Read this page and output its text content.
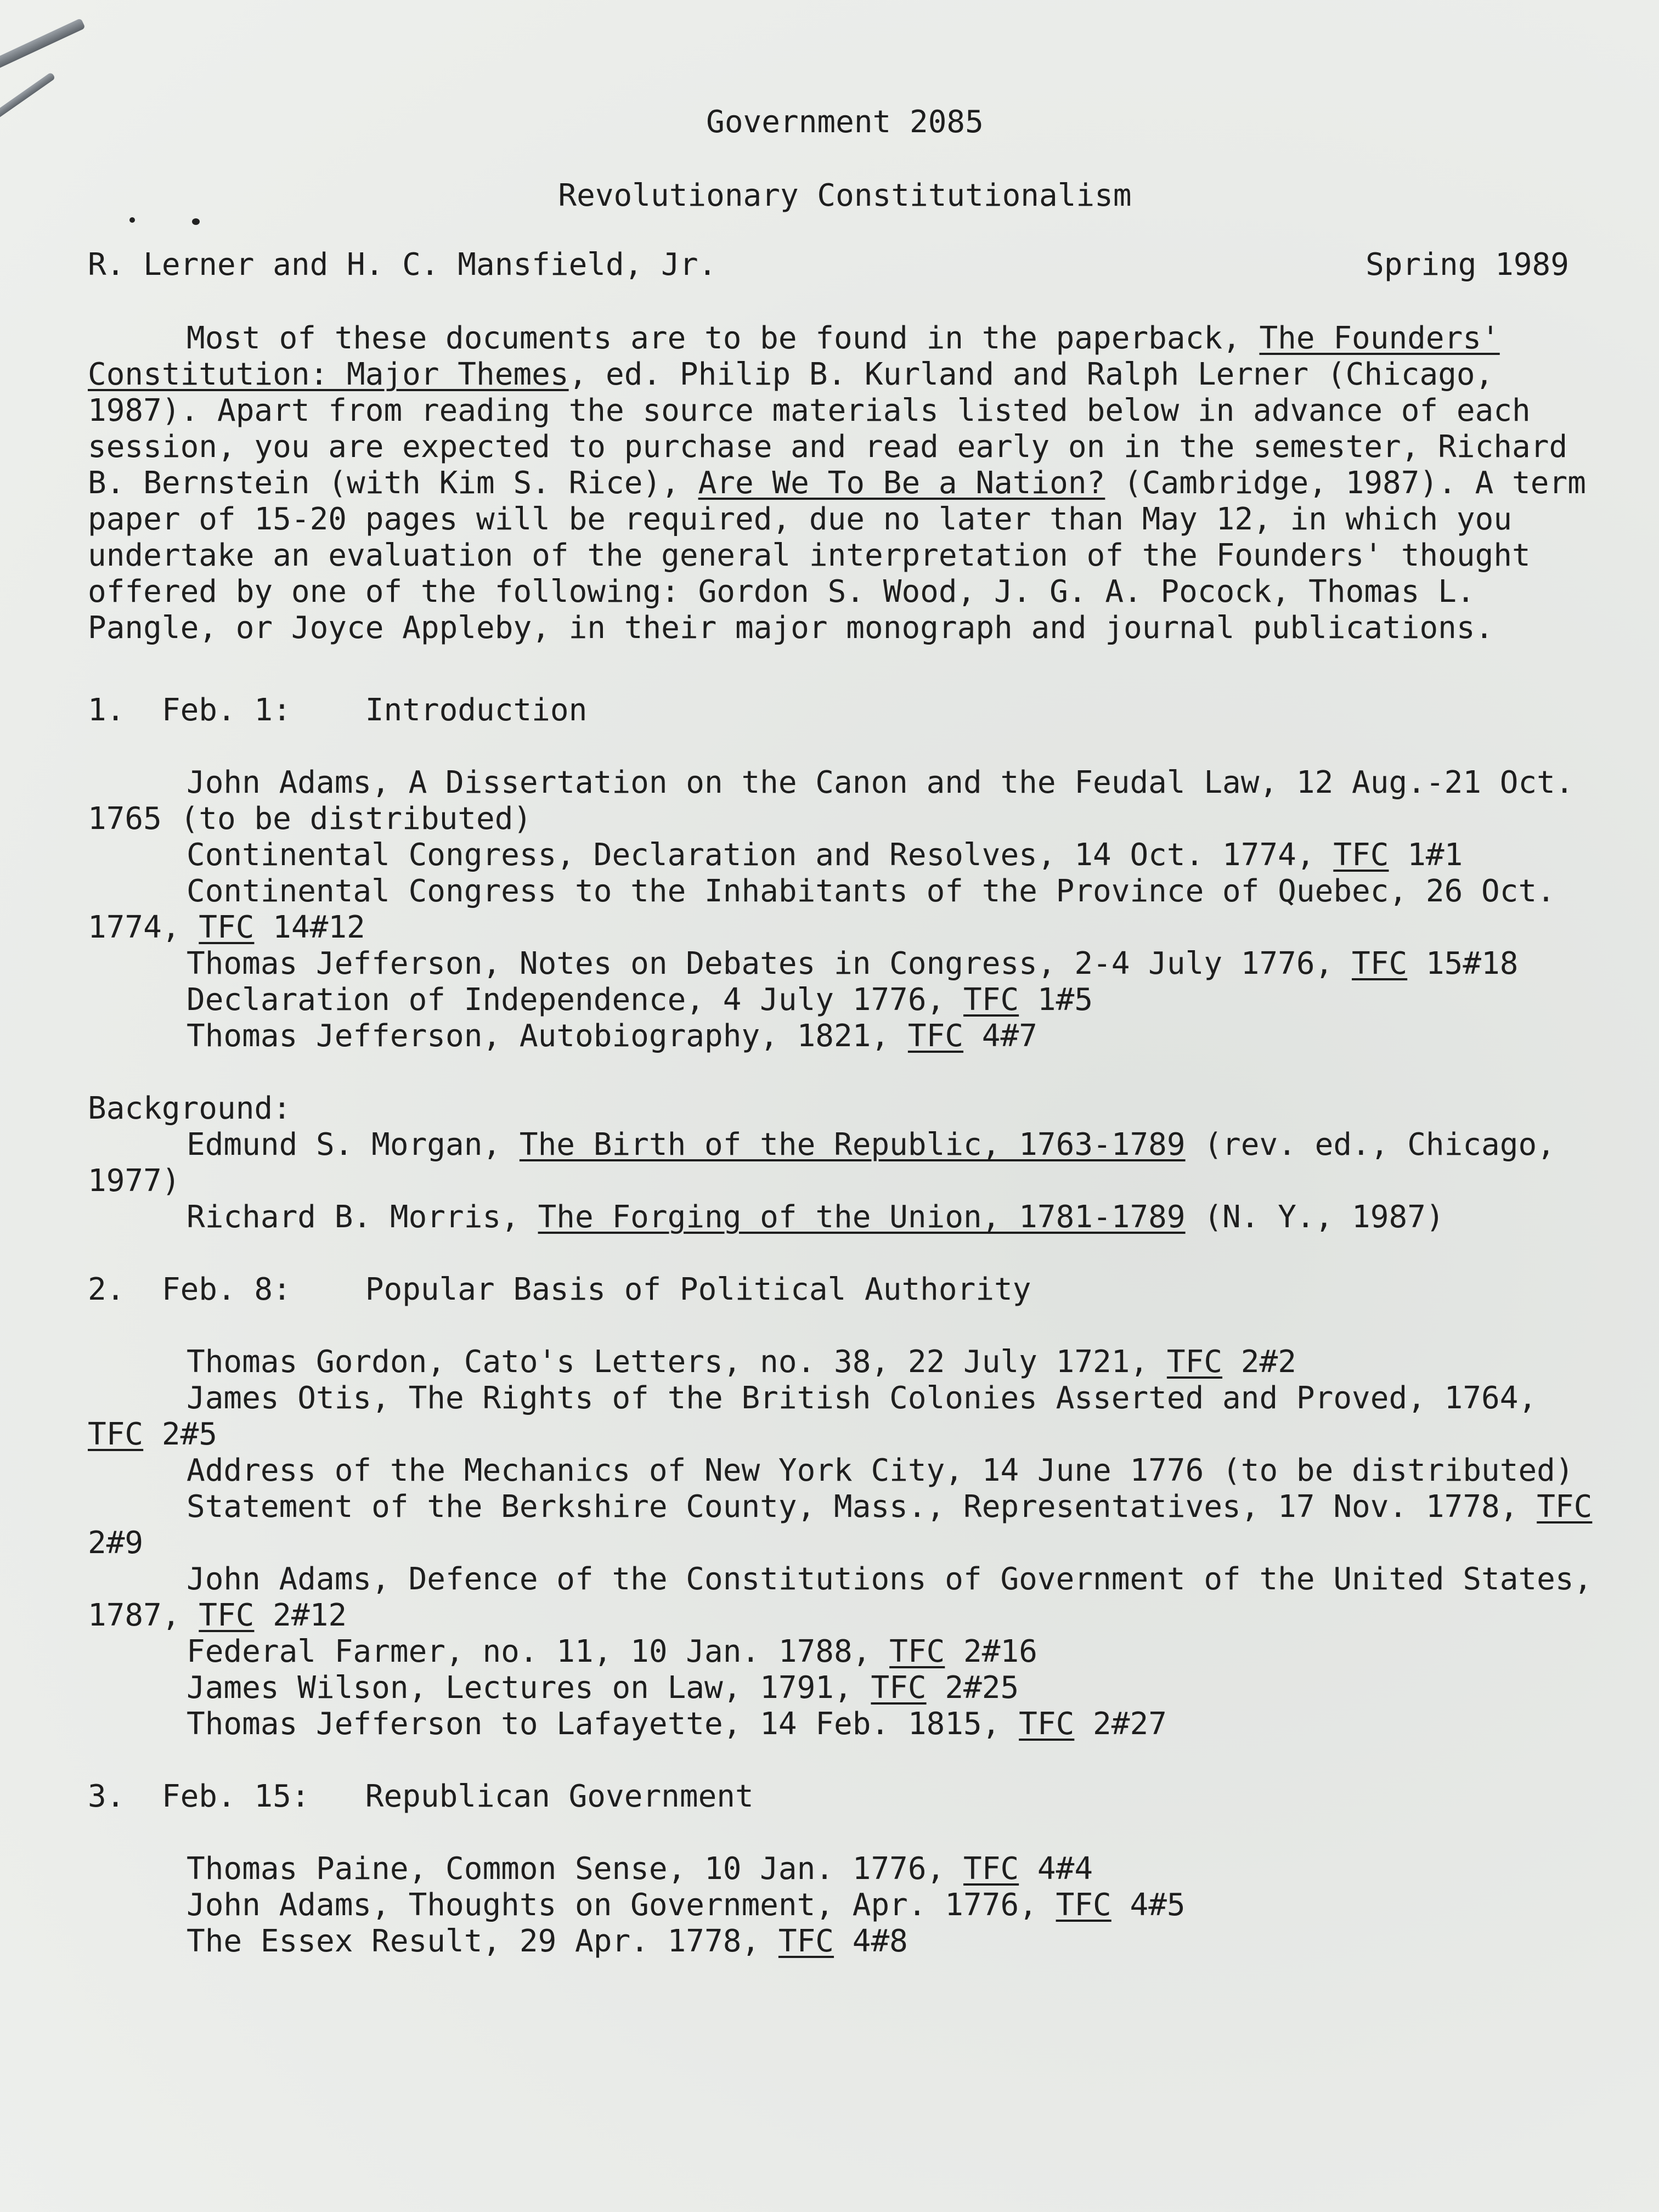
Government 2085
Revolutionary Constitutionalism
R. Lerner and H. C. Mansfield, Jr.	Spring 1989

Most of these documents are to be found in the paperback, The Founders' Constitution: Major Themes, ed. Philip B. Kurland and Ralph Lerner (Chicago, 1987). Apart from reading the source materials listed below in advance of each session, you are expected to purchase and read early on in the semester, Richard B. Bernstein (with Kim S. Rice), Are We To Be a Nation? (Cambridge, 1987). A term paper of 15-20 pages will be required, due no later than May 12, in which you undertake an evaluation of the general interpretation of the Founders' thought offered by one of the following: Gordon S. Wood, J. G. A. Pocock, Thomas L. Pangle, or Joyce Appleby, in their major monograph and journal publications.

1.  Feb. 1:    Introduction

John Adams, A Dissertation on the Canon and the Feudal Law, 12 Aug.-21 Oct. 1765 (to be distributed)

Continental Congress, Declaration and Resolves, 14 Oct. 1774, TFC 1#1

Continental Congress to the Inhabitants of the Province of Quebec, 26 Oct. 1774, TFC 14#12

Thomas Jefferson, Notes on Debates in Congress, 2-4 July 1776, TFC 15#18

Declaration of Independence, 4 July 1776, TFC 1#5

Thomas Jefferson, Autobiography, 1821, TFC 4#7

Background:

Edmund S. Morgan, The Birth of the Republic, 1763-1789 (rev. ed., Chicago, 1977)

Richard B. Morris, The Forging of the Union, 1781-1789 (N. Y., 1987)

2.  Feb. 8:    Popular Basis of Political Authority

Thomas Gordon, Cato's Letters, no. 38, 22 July 1721, TFC 2#2

James Otis, The Rights of the British Colonies Asserted and Proved, 1764, TFC 2#5

Address of the Mechanics of New York City, 14 June 1776 (to be distributed)

Statement of the Berkshire County, Mass., Representatives, 17 Nov. 1778, TFC 2#9

John Adams, Defence of the Constitutions of Government of the United States, 1787, TFC 2#12

Federal Farmer, no. 11, 10 Jan. 1788, TFC 2#16

James Wilson, Lectures on Law, 1791, TFC 2#25

Thomas Jefferson to Lafayette, 14 Feb. 1815, TFC 2#27

3.  Feb. 15:   Republican Government

Thomas Paine, Common Sense, 10 Jan. 1776, TFC 4#4

John Adams, Thoughts on Government, Apr. 1776, TFC 4#5

The Essex Result, 29 Apr. 1778, TFC 4#8
